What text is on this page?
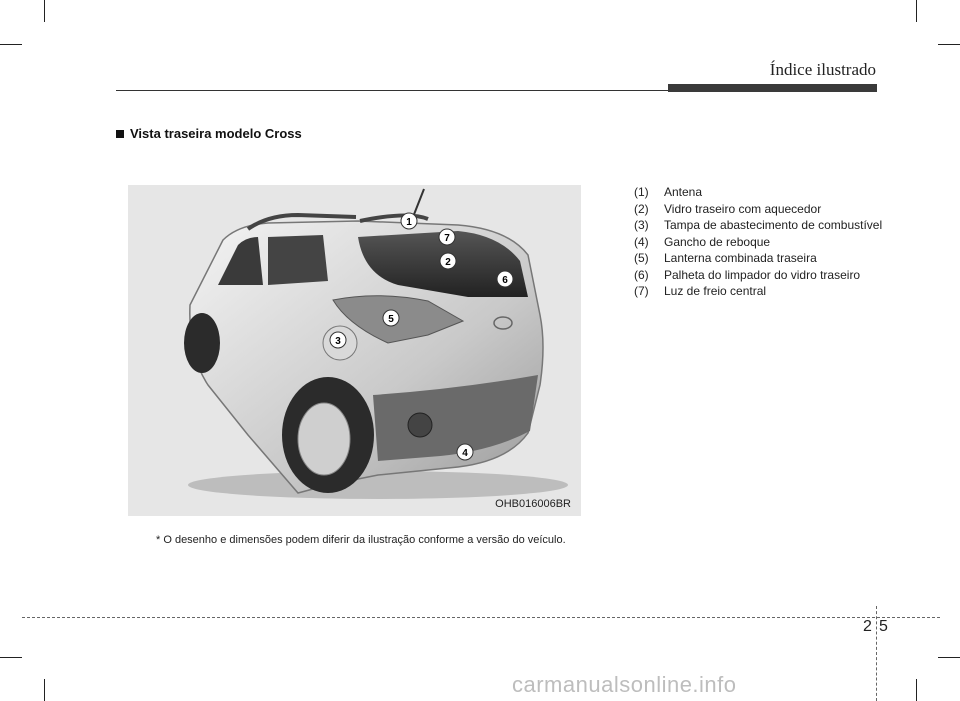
Índice ilustrado
Vista traseira modelo Cross
1
7
2
6
5
3
4
OHB016006BR
* O desenho e dimensões podem diferir da ilustração conforme a versão do veículo.
(1)	Antena
(2)	Vidro traseiro com aquecedor
(3)	Tampa de abastecimento de combustível
(4)	Gancho de reboque
(5)	Lanterna combinada traseira
(6)	Palheta do limpador do vidro traseiro
(7)	Luz de freio central
2 5
carmanualsonline.info
